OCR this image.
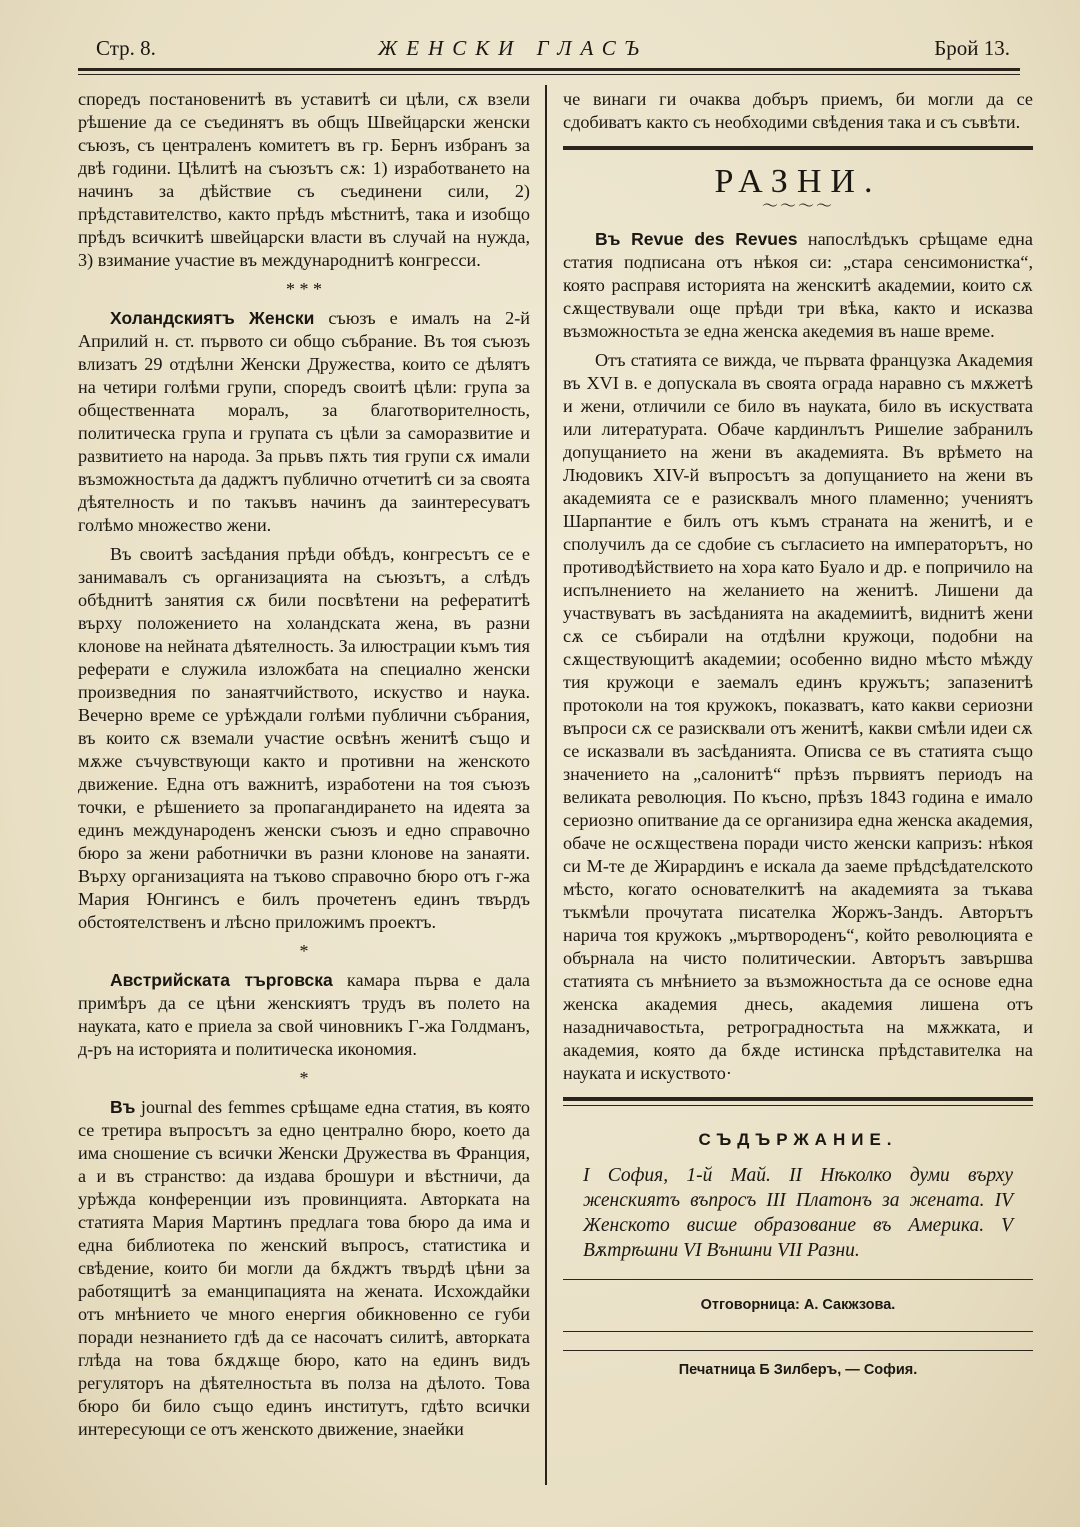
Стр. 8.	ЖЕНСКИ ГЛАСЪ	Брой 13.

споредъ постановенитѣ въ уставитѣ си цѣли, сѫ взели рѣшение да се съединятъ въ общъ Швейцарски женски съюзъ, съ централенъ комитетъ въ гр. Бернъ избранъ за двѣ години. Цѣлитѣ на съюзътъ сѫ: 1) изработването на начинъ за дѣйствие съ съединени сили, 2) прѣдставителство, както прѣдъ мѣстнитѣ, така и изобщо прѣдъ всичкитѣ швейцарски власти въ случай на нужда, 3) взимание участие въ международнитѣ конгресси.

* * *

Холандскиятъ Женски съюзъ е ималъ на 2-й Априлий н. ст. първото си общо събрание. Въ тоя съюзъ влизатъ 29 отдѣлни Женски Дружества, които се дѣлятъ на четири голѣми групи, споредъ своитѣ цѣли: група за общественната моралъ, за благотворителность, политическа група и групата съ цѣли за саморазвитие и развитието на народа. За прьвъ пѫть тия групи сѫ имали възможностьта да даджтъ публично отчетитѣ си за своята дѣятелность и по такъвъ начинъ да заинтересуватъ голѣмо множество жени.

Въ своитѣ засѣдания прѣди обѣдъ, конгресътъ се е занимавалъ съ организацията на съюзътъ, а слѣдъ обѣднитѣ занятия сѫ били посвѣтени на рефератитѣ върху положението на холандската жена, въ разни клонове на нейната дѣятелность. За илюстрации къмъ тия реферати е служила изложбата на специално женски произведния по занаятчийството, искуство и наука. Вечерно време се урѣждали голѣми публични събрания, въ които сѫ вземали участие освѣнъ женитѣ също и мѫже съчувствующи както и противни на женското движение. Една отъ важнитѣ, изработени на тоя съюзъ точки, е рѣшението за пропагандирането на идеята за единъ международенъ женски съюзъ и едно справочно бюро за жени работнички въ разни клонове на занаяти. Върху организацията на тъково справочно бюро отъ г-жа Мария Юнгинсъ е билъ прочетенъ единъ твърдъ обстоятелственъ и лѣсно приложимъ проектъ.

*

Австрийската търговска камара първа е дала примѣръ да се цѣни женскиятъ трудъ въ полето на науката, като е приела за свой чиновникъ Г-жа Голдманъ, д-ръ на историята и политическа икономия.

*

Въ journal des femmes срѣщаме една статия, въ която се третира въпросътъ за едно централно бюро, което да има сношение съ всички Женски Дружества въ Франция, а и въ странство: да издава брошури и вѣстничи, да урѣжда конференции изъ провинцията. Авторката на статията Мария Мартинъ предлага това бюро да има и една библиотека по женский въпросъ, статистика и свѣдение, които би могли да бѫджтъ твърдѣ цѣни за работящитѣ за еманципацията на жената. Исхождайки отъ мнѣнието че много енергия обикновенно се губи поради незнанието гдѣ да се насочатъ силитѣ, авторката глѣда на това бѫдѫще бюро, като на единъ видъ регуляторъ на дѣятелностьта въ полза на дѣлото. Това бюро би било също единъ институтъ, гдѣто всички интересующи се отъ женското движение, знаейки

че винаги ги очаква добъръ приемъ, би могли да се сдобиватъ както съ необходими свѣдения така и съ съвѣти.

РАЗНИ.
〜〜〜〜

Въ Revue des Revues напослѣдъкъ срѣщаме една статия подписана отъ нѣкоя си: „стара сенсимонистка“, която расправя историята на женскитѣ академии, които сѫ сѫществували още прѣди три вѣка, както и исказва възможностьта зе една женска акедемия въ наше време.

Отъ статията се вижда, че първата французка Академия въ XVI в. е допускала въ своята ограда наравно съ мѫжетѣ и жени, отличили се било въ науката, било въ искуствата или литературата. Обаче кардинлътъ Ришелие забранилъ допущанието на жени въ академията. Въ врѣмето на Людовикъ XIV-й въпросътъ за допущанието на жени въ академията се е разисквалъ много пламенно; учениятъ Шарпантие е билъ отъ къмъ страната на женитѣ, и е сполучилъ да се сдобие съ съгласието на императорътъ, но противодѣйствието на хора като Буало и др. е попричило на испълнението на желанието на женитѣ. Лишени да участвуватъ въ засѣданията на академиитѣ, виднитѣ жени сѫ се събирали на отдѣлни кружоци, подобни на сѫществующитѣ академии; особенно видно мѣсто мѣжду тия кружоци е заемалъ единъ кружътъ; запазенитѣ протоколи на тоя кружокъ, показватъ, като какви сериозни въпроси сѫ се разисквали отъ женитѣ, какви смѣли идеи сѫ се исказвали въ засѣданията. Описва се въ статията също значението на „салонитѣ“ прѣзъ първиятъ периодъ на великата революция. По късно, прѣзъ 1843 година е имало сериозно опитвание да се организира една женска академия, обаче не осѫществена поради чисто женски капризъ: нѣкоя си М-те де Жирардинъ е искала да заеме прѣдсѣдателското мѣсто, когато основателкитѣ на академията за тъкава тъкмѣли прочутата писателка Жоржъ-Зандъ. Авторътъ нарича тоя кружокъ „мъртвороденъ“, който революцията е обърнала на чисто политическии. Авторътъ завършва статията съ мнѣнието за възможностьта да се основе една женска академия днесь, академия лишена отъ назадничавостьта, ретроградностьта на мѫжката, и академия, която да бѫде истинска прѣдставителка на науката и искуството·

СЪДЪРЖАНИЕ.
I София, 1-й Май. II Нѣколко думи върху женскиятъ въпросъ III Платонъ за жената. IV Женското висше образование въ Америка. V Вѫтрѣшни VI Външни VII Разни.
Отговорница: А. Сакжзова.
Печатница Б Зилберъ, — София.
